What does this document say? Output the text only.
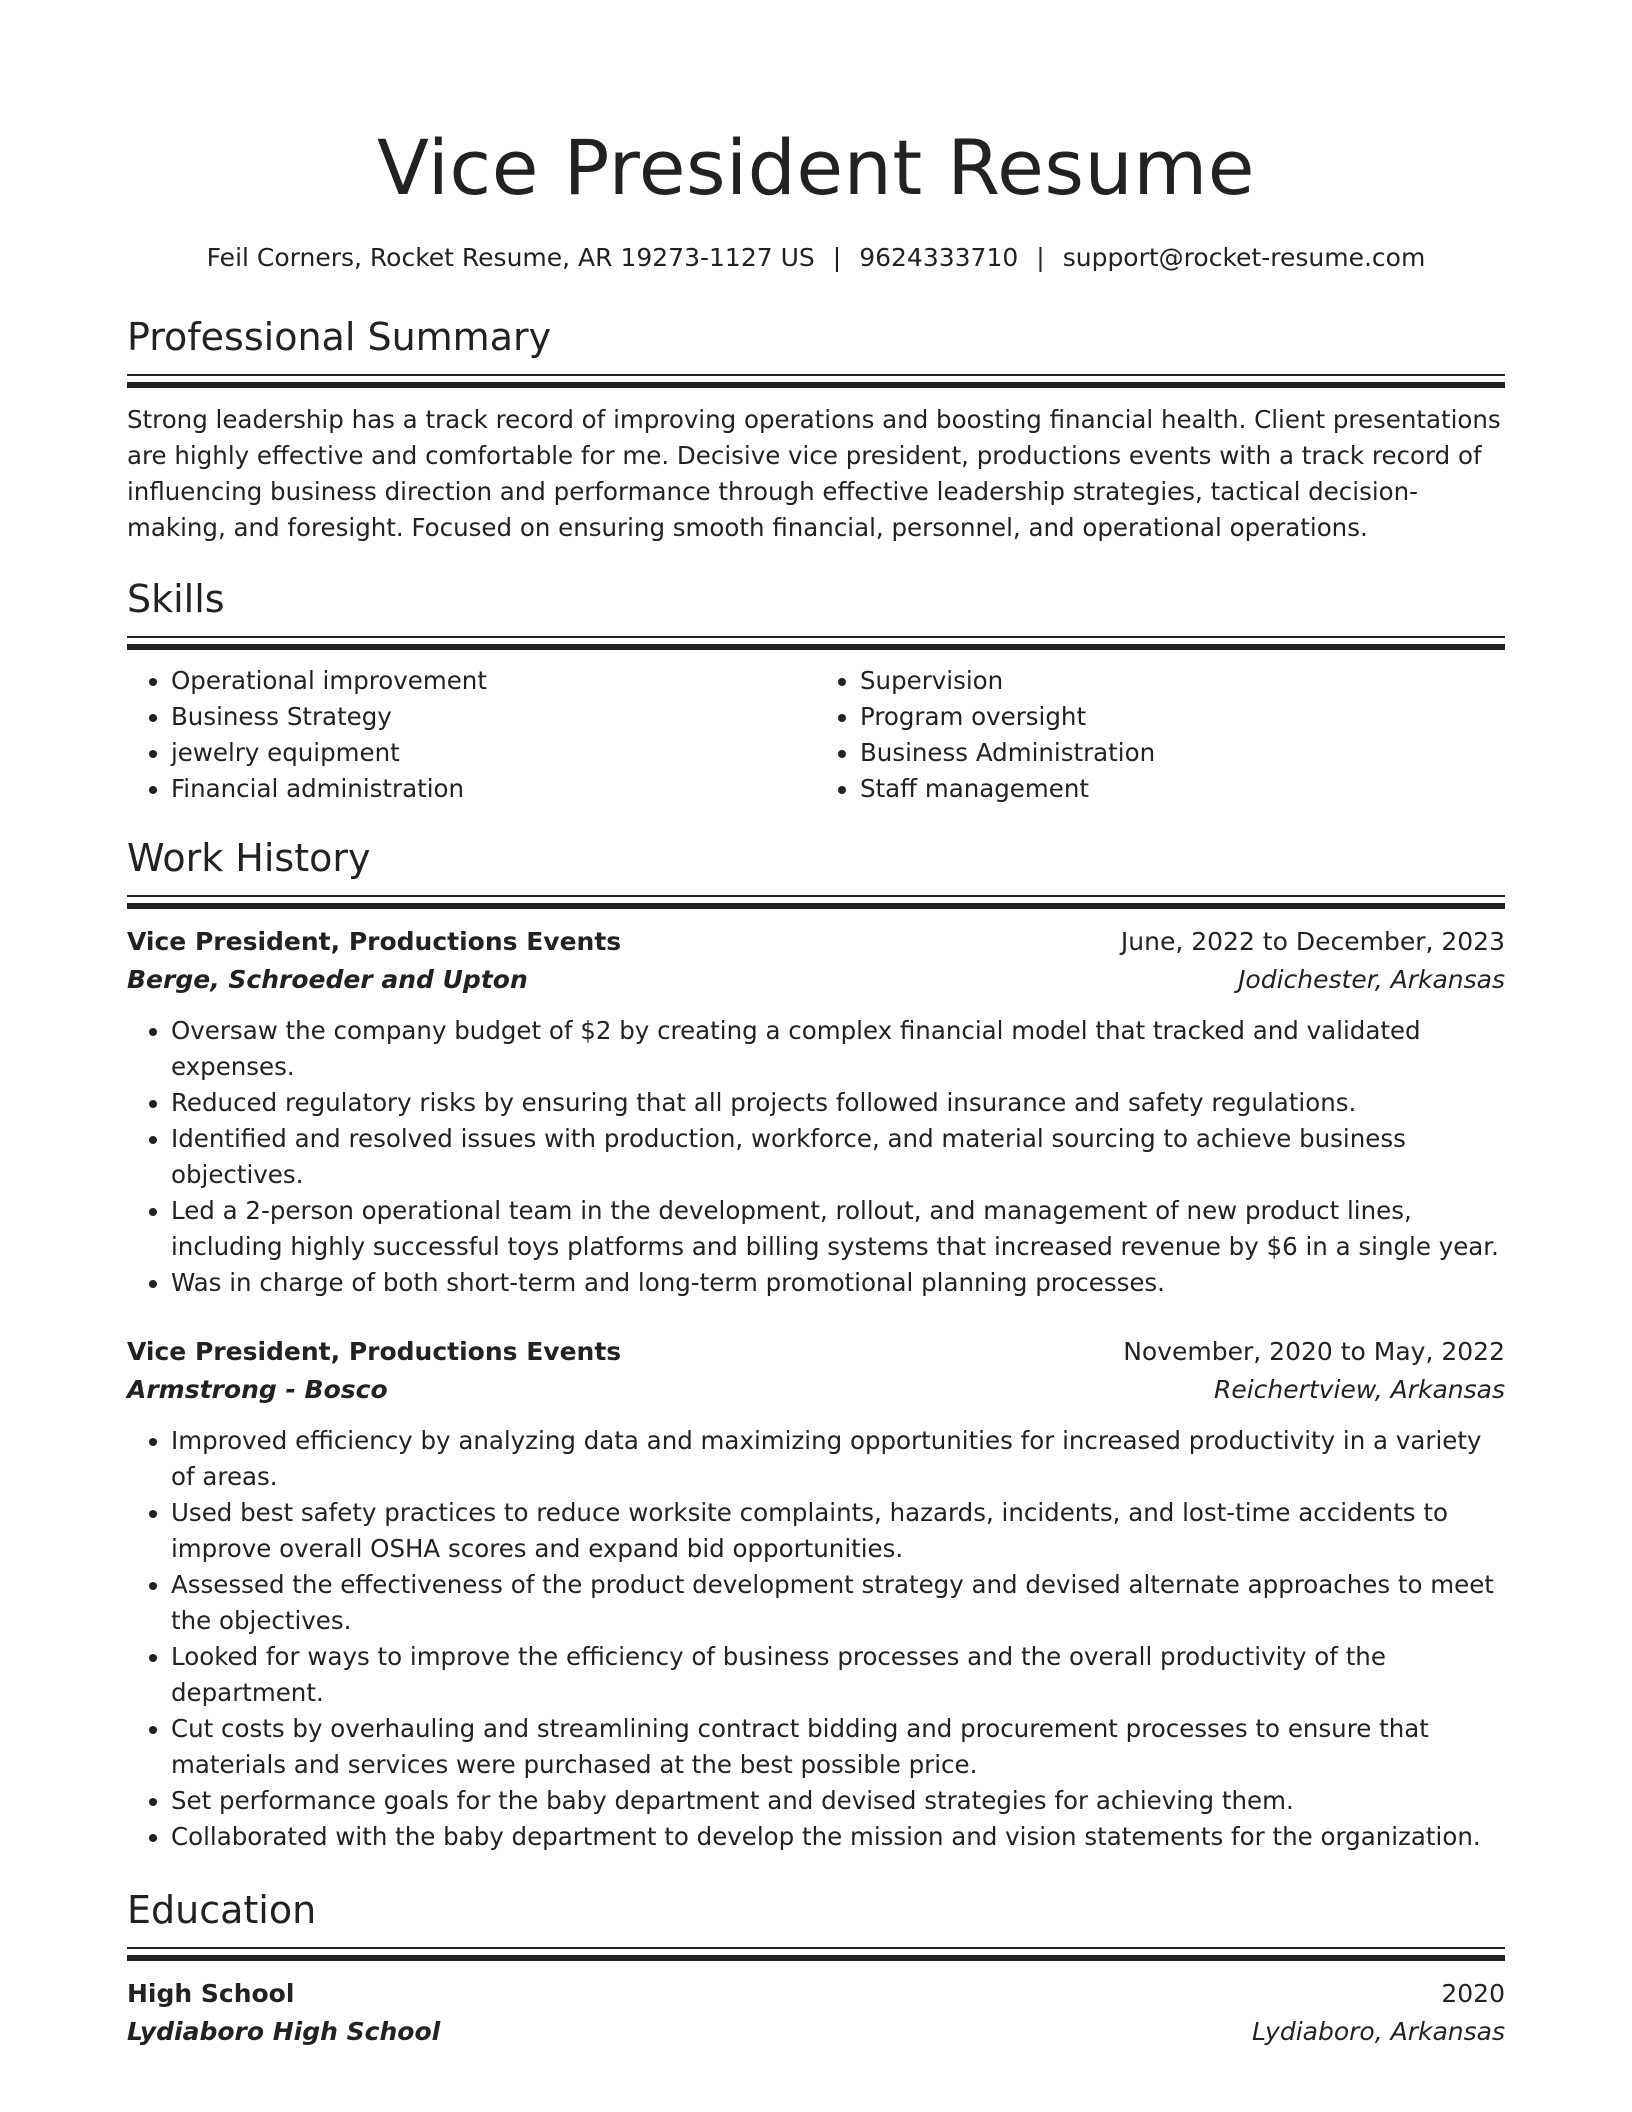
Vice President Resume
Feil Corners, Rocket Resume, AR 19273-1127 US | 9624333710 | support@rocket-resume.com
Professional Summary
Strong leadership has a track record of improving operations and boosting financial health. Client presentations are highly effective and comfortable for me. Decisive vice president, productions events with a track record of influencing business direction and performance through effective leadership strategies, tactical decision-making, and foresight. Focused on ensuring smooth financial, personnel, and operational operations.
Skills
• Operational improvement
• Business Strategy
• jewelry equipment
• Financial administration
• Supervision
• Program oversight
• Business Administration
• Staff management
Work History
Vice President, Productions Events	June, 2022 to December, 2023
Berge, Schroeder and Upton	Jodichester, Arkansas
• Oversaw the company budget of $2 by creating a complex financial model that tracked and validated expenses.
• Reduced regulatory risks by ensuring that all projects followed insurance and safety regulations.
• Identified and resolved issues with production, workforce, and material sourcing to achieve business objectives.
• Led a 2-person operational team in the development, rollout, and management of new product lines, including highly successful toys platforms and billing systems that increased revenue by $6 in a single year.
• Was in charge of both short-term and long-term promotional planning processes.
Vice President, Productions Events	November, 2020 to May, 2022
Armstrong - Bosco	Reichertview, Arkansas
• Improved efficiency by analyzing data and maximizing opportunities for increased productivity in a variety of areas.
• Used best safety practices to reduce worksite complaints, hazards, incidents, and lost-time accidents to improve overall OSHA scores and expand bid opportunities.
• Assessed the effectiveness of the product development strategy and devised alternate approaches to meet the objectives.
• Looked for ways to improve the efficiency of business processes and the overall productivity of the department.
• Cut costs by overhauling and streamlining contract bidding and procurement processes to ensure that materials and services were purchased at the best possible price.
• Set performance goals for the baby department and devised strategies for achieving them.
• Collaborated with the baby department to develop the mission and vision statements for the organization.
Education
High School	2020
Lydiaboro High School	Lydiaboro, Arkansas
